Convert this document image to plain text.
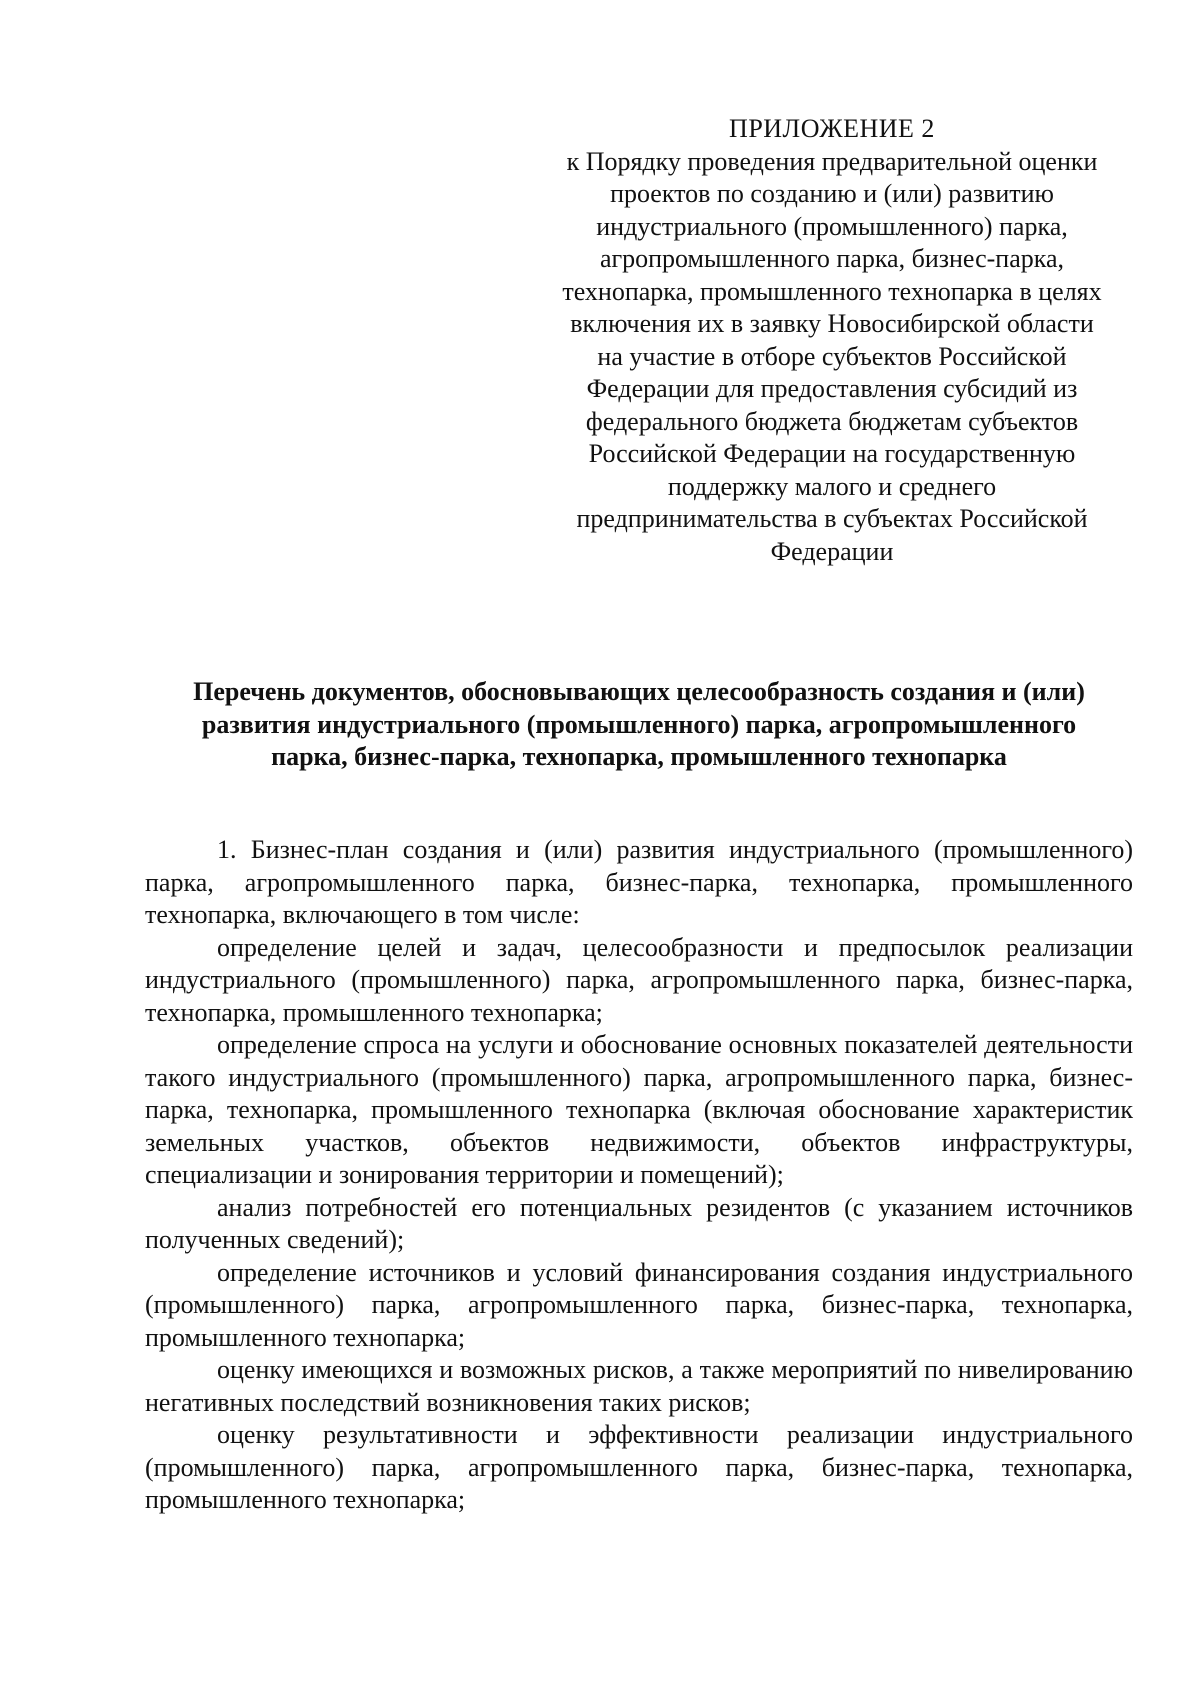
ПРИЛОЖЕНИЕ 2
к Порядку проведения предварительной оценки
проектов по созданию и (или) развитию
индустриального (промышленного) парка,
агропромышленного парка, бизнес-парка,
технопарка, промышленного технопарка в целях
включения их в заявку Новосибирской области
на участие в отборе субъектов Российской
Федерации для предоставления субсидий из
федерального бюджета бюджетам субъектов
Российской Федерации на государственную
поддержку малого и среднего
предпринимательства в субъектах Российской
Федерации
Перечень документов, обосновывающих целесообразность создания и (или)
развития индустриального (промышленного) парка, агропромышленного
парка, бизнес-парка, технопарка, промышленного технопарка

1. Бизнес-план создания и (или) развития индустриального (промышленного) парка, агропромышленного парка, бизнес-парка, технопарка, промышленного технопарка, включающего в том числе:

определение целей и задач, целесообразности и предпосылок реализации индустриального (промышленного) парка, агропромышленного парка, бизнес-парка, технопарка, промышленного технопарка;

определение спроса на услуги и обоснование основных показателей деятельности такого индустриального (промышленного) парка, агропромышленного парка, бизнес-парка, технопарка, промышленного технопарка (включая обоснование характеристик земельных участков, объектов недвижимости, объектов инфраструктуры, специализации и зонирования территории и помещений);

анализ потребностей его потенциальных резидентов (с указанием источников полученных сведений);

определение источников и условий финансирования создания индустриального (промышленного) парка, агропромышленного парка, бизнес-парка, технопарка, промышленного технопарка;

оценку имеющихся и возможных рисков, а также мероприятий по нивелированию негативных последствий возникновения таких рисков;

оценку результативности и эффективности реализации индустриального (промышленного) парка, агропромышленного парка, бизнес-парка, технопарка, промышленного технопарка;
